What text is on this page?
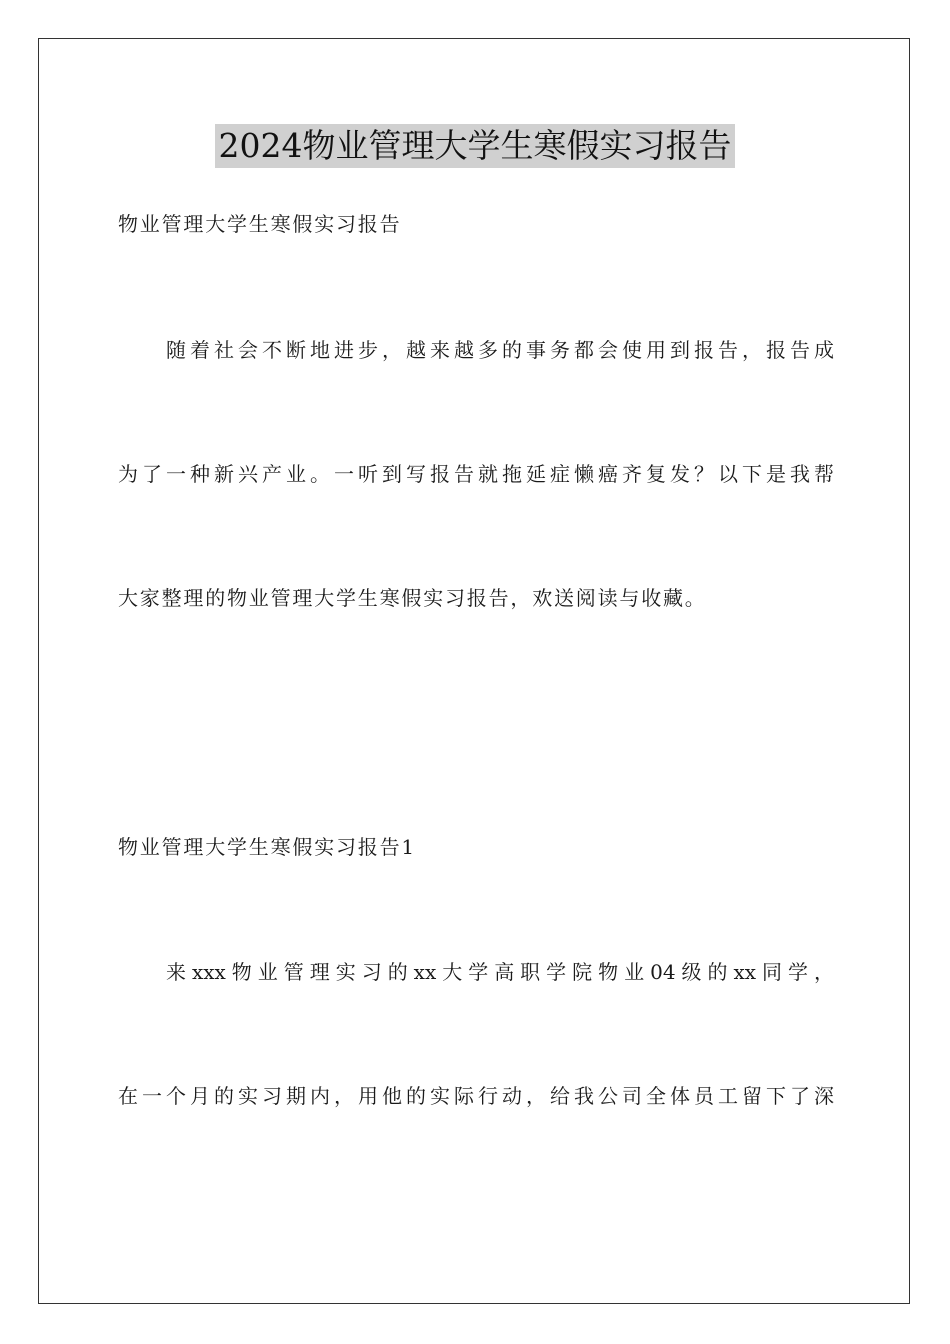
2024物业管理大学生寒假实习报告
物业管理大学生寒假实习报告
随着社会不断地进步，越来越多的事务都会使用到报告，报告成
为了一种新兴产业。一听到写报告就拖延症懒癌齐复发？以下是我帮
大家整理的物业管理大学生寒假实习报告，欢送阅读与收藏。
物业管理大学生寒假实习报告1
来xxx物业管理实习的xx大学高职学院物业04级的xx同学，
在一个月的实习期内，用他的实际行动，给我公司全体员工留下了深
